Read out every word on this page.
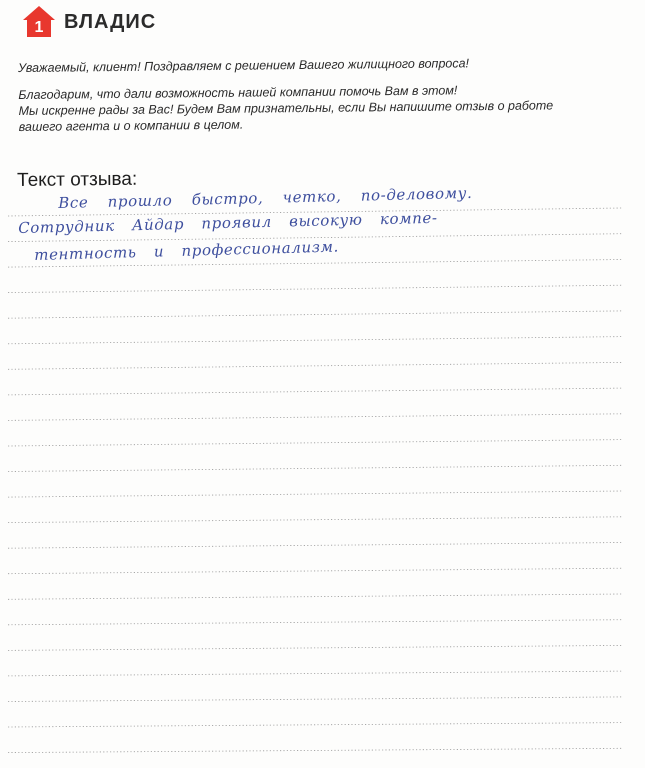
1 ВЛАДИС

Уважаемый, клиент! Поздравляем с решением Вашего жилищного вопроса!

Благодарим, что дали возможность нашей компании помочь Вам в этом!

Мы искренне рады за Вас! Будем Вам признательны, если Вы напишите отзыв о работе

вашего агента и о компании в целом.

Текст отзыва:
Все прошло быстро, четко, по-деловому.
Сотрудник Айдар проявил высокую компе-
тентность и профессионализм.
